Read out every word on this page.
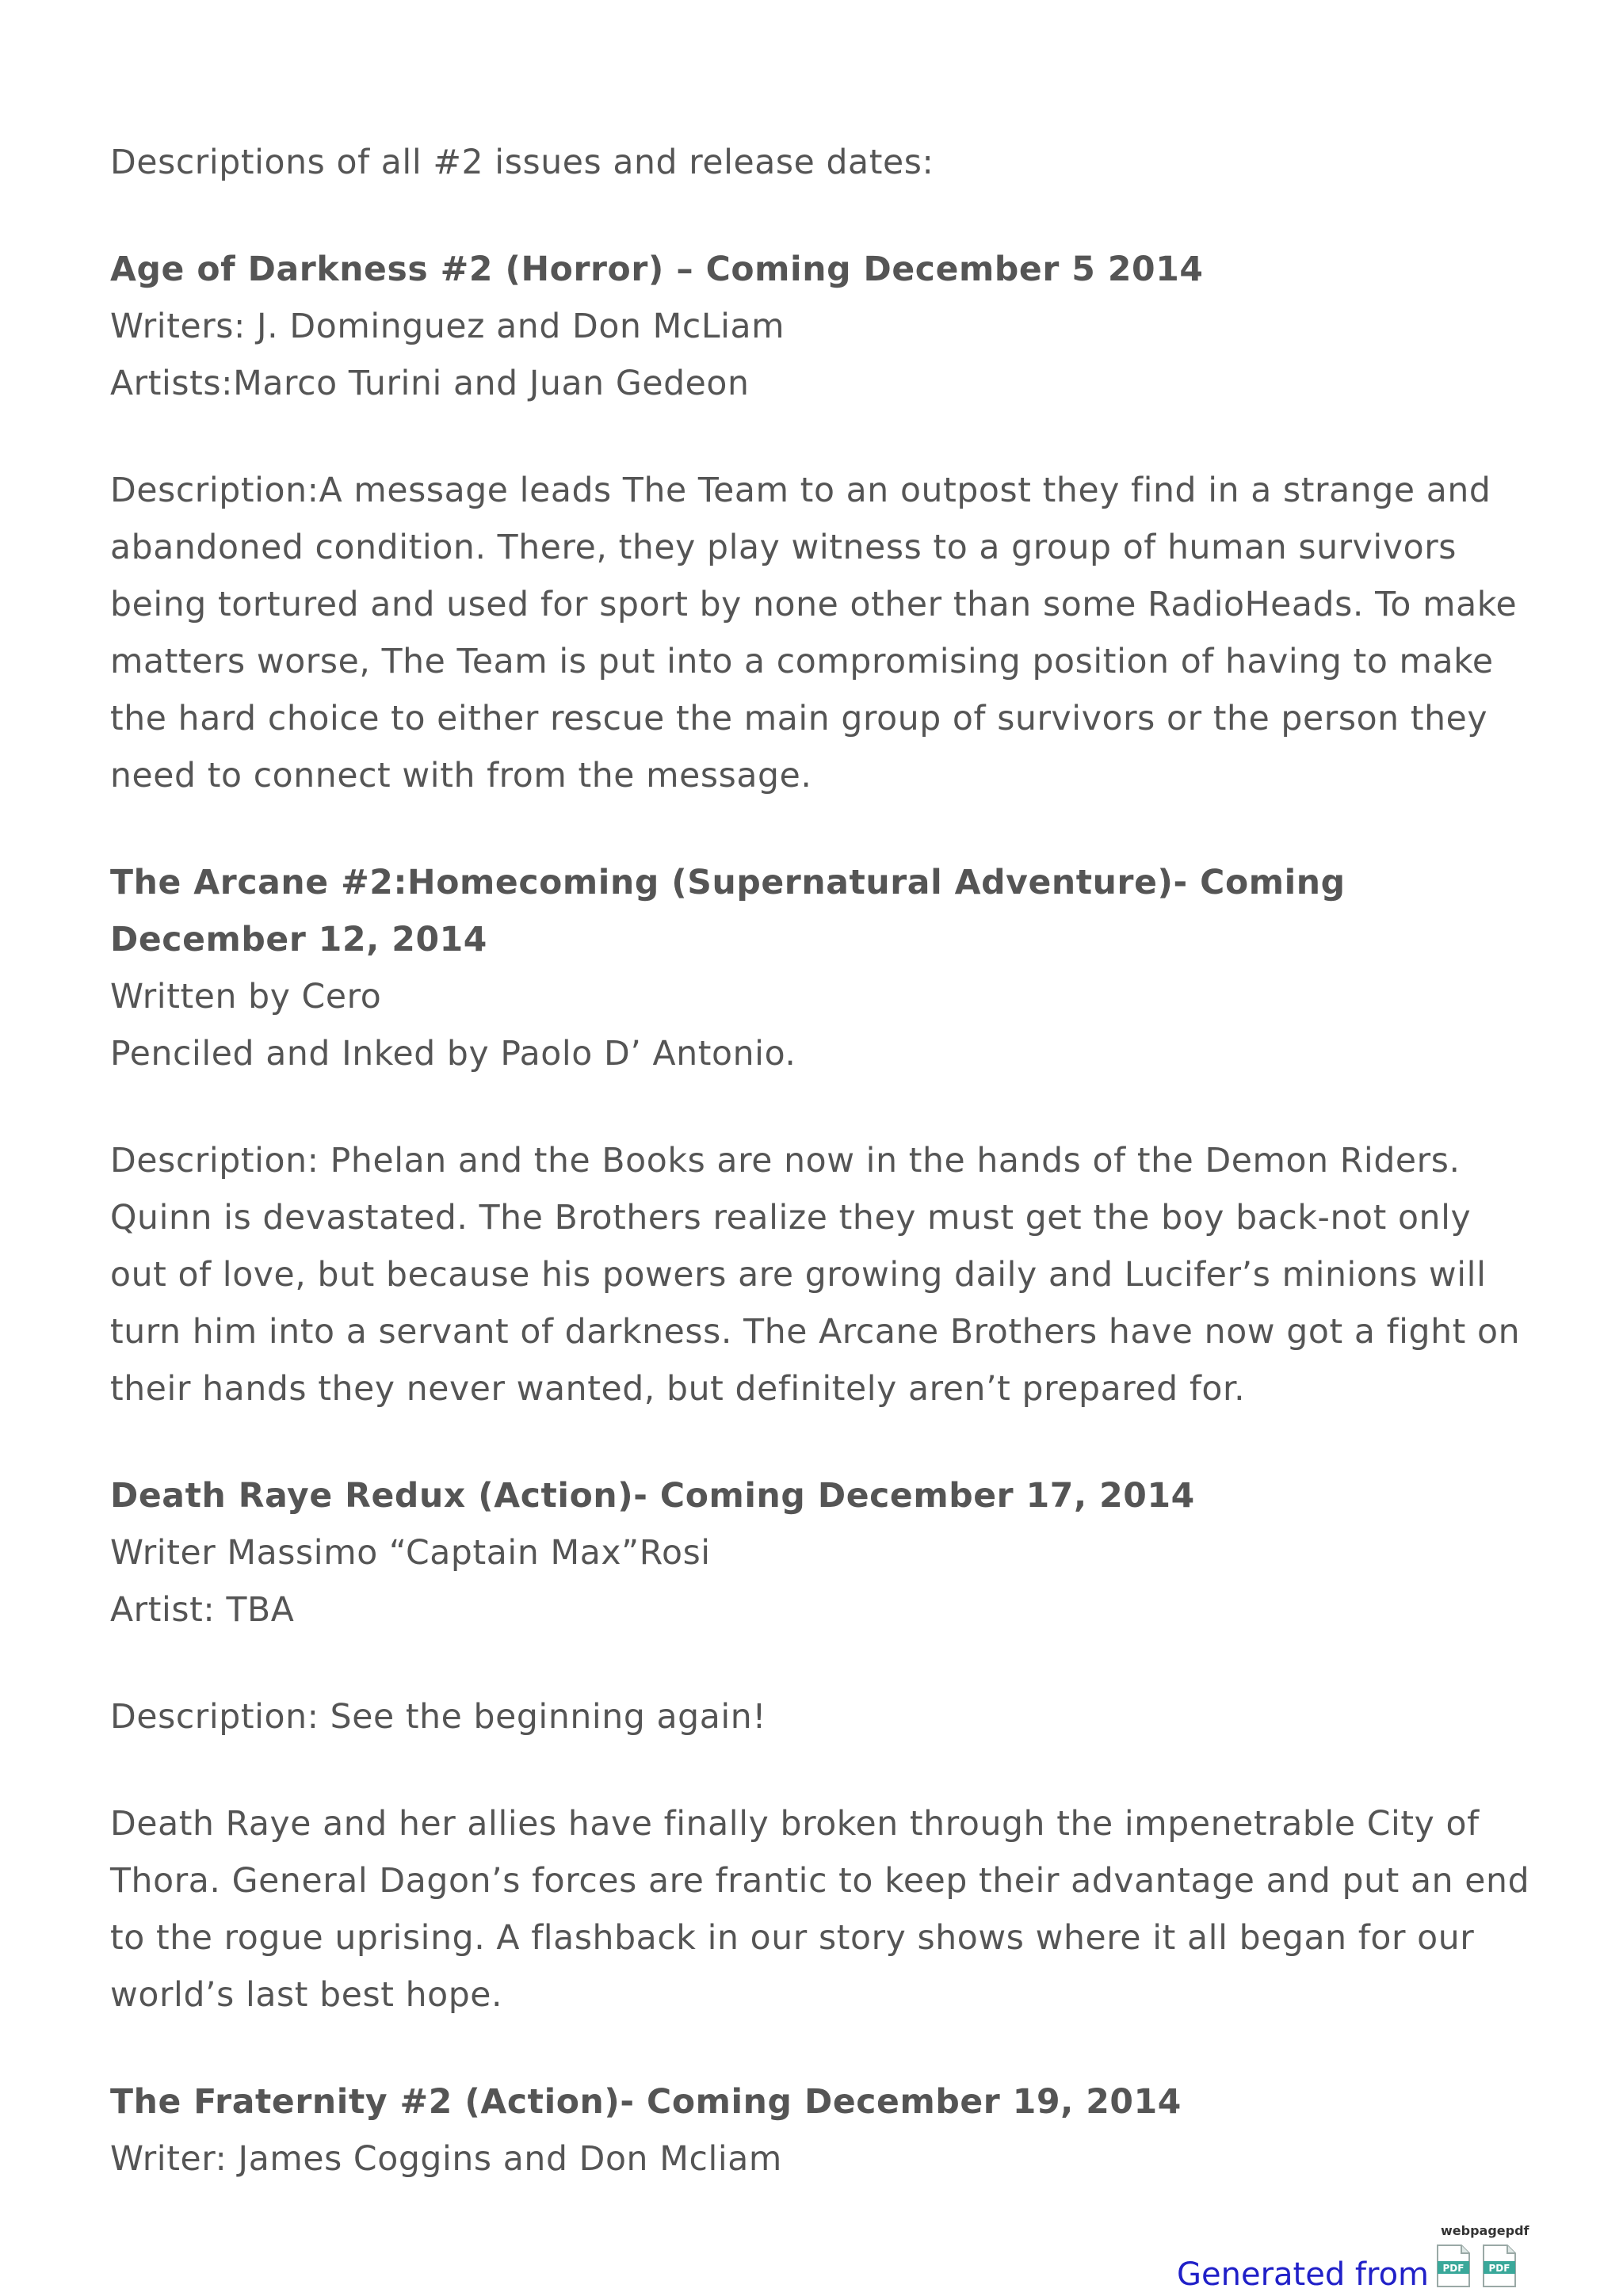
Descriptions of all #2 issues and release dates:

Age of Darkness #2 (Horror) – Coming December 5 2014

Writers: J. Dominguez and Don McLiam

Artists:Marco Turini and Juan Gedeon

Description:A message leads The Team to an outpost they find in a strange and abandoned condition. There, they play witness to a group of human survivors being tortured and used for sport by none other than some RadioHeads. To make matters worse, The Team is put into a compromising position of having to make the hard choice to either rescue the main group of survivors or the person they need to connect with from the message.

The Arcane #2:Homecoming (Supernatural Adventure)- Coming December 12, 2014

Written by Cero

Penciled and Inked by Paolo D’ Antonio.

Description: Phelan and the Books are now in the hands of the Demon Riders. Quinn is devastated. The Brothers realize they must get the boy back-not only out of love, but because his powers are growing daily and Lucifer’s minions will turn him into a servant of darkness. The Arcane Brothers have now got a fight on their hands they never wanted, but definitely aren’t prepared for.

Death Raye Redux (Action)- Coming December 17, 2014

Writer Massimo “Captain Max”Rosi

Artist: TBA

Description: See the beginning again!

Death Raye and her allies have finally broken through the impenetrable City of Thora. General Dagon’s forces are frantic to keep their advantage and put an end to the rogue uprising. A flashback in our story shows where it all began for our world’s last best hope.

The Fraternity #2 (Action)- Coming December 19, 2014

Writer: James Coggins and Don Mcliam

Generated from
webpagepdf
PDF	PDF
